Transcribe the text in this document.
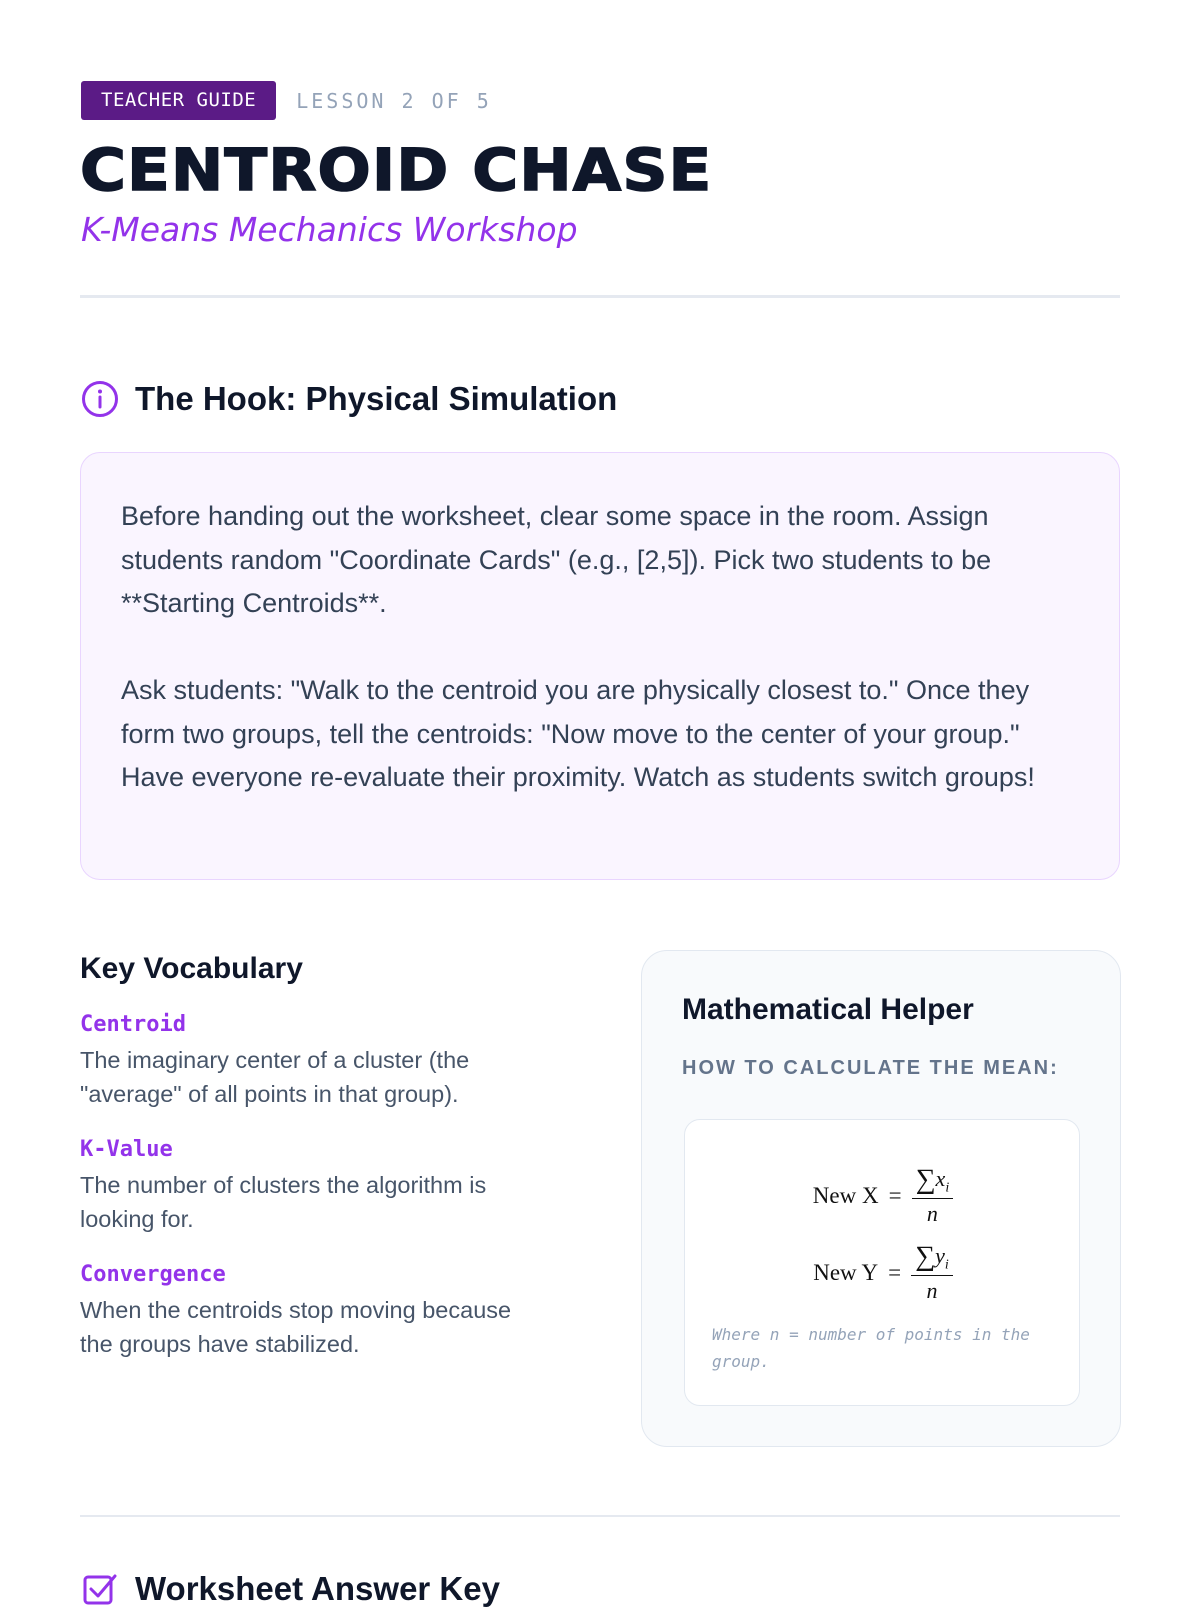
TEACHER GUIDE	LESSON 2 OF 5
CENTROID CHASE
K-Means Mechanics Workshop
The Hook: Physical Simulation

Before handing out the worksheet, clear some space in the room. Assign students random "Coordinate Cards" (e.g., [2,5]). Pick two students to be **Starting Centroids**.

Ask students: "Walk to the centroid you are physically closest to." Once they form two groups, tell the centroids: "Now move to the center of your group." Have everyone re-evaluate their proximity. Watch as students switch groups!

Key Vocabulary
Centroid
The imaginary center of a cluster (the "average" of all points in that group).
K-Value
The number of clusters the algorithm is looking for.
Convergence
When the centroids stop moving because the groups have stabilized.
Mathematical Helper
HOW TO CALCULATE THE MEAN:
New $X = \frac{\sum x_i}{n}$
New $Y = \frac{\sum y_i}{n}$
Where n = number of points in the group.
Worksheet Answer Key
